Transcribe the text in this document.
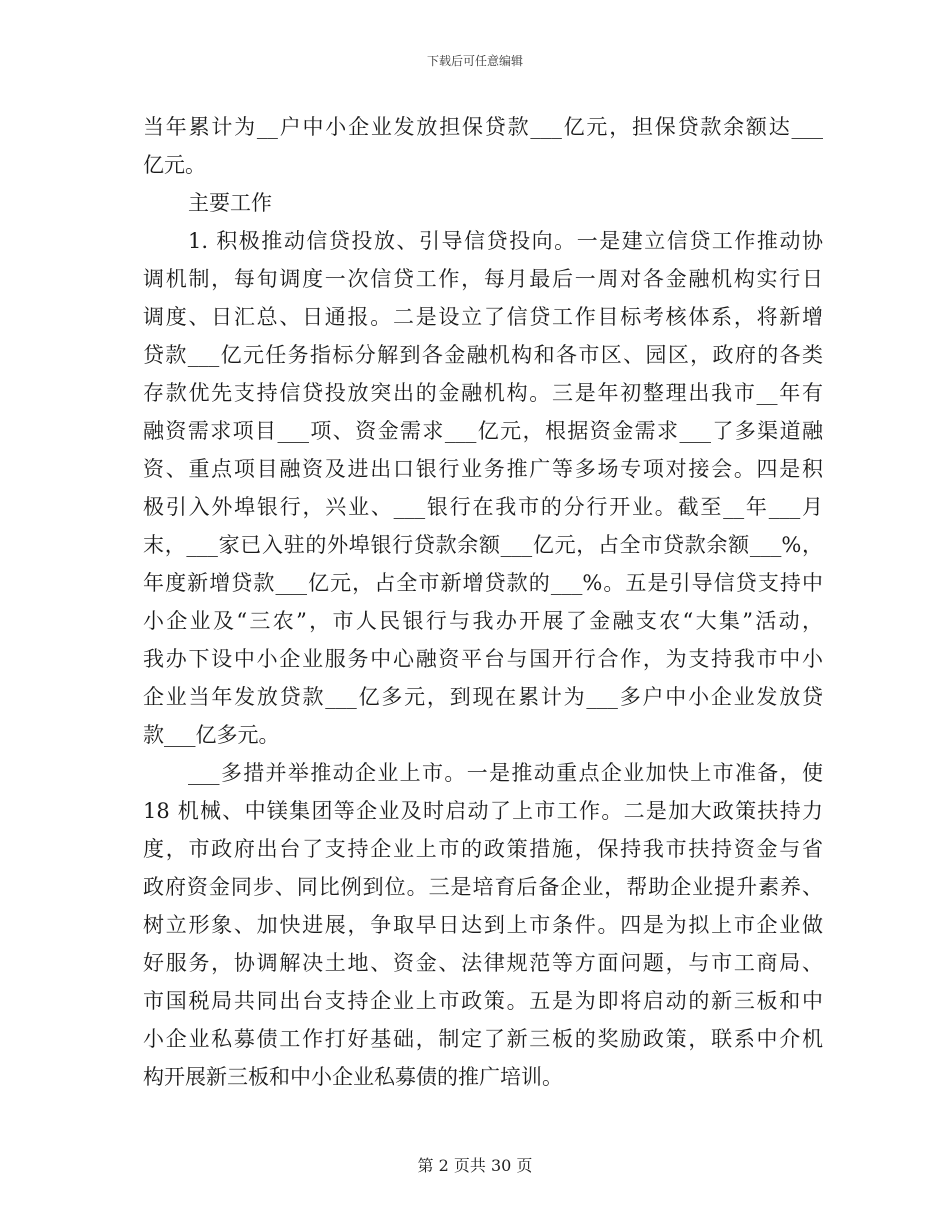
下载后可任意编辑
当年累计为__户中小企业发放担保贷款___亿元，担保贷款余额达___
亿元。
主要工作
1. 积极推动信贷投放、引导信贷投向。一是建立信贷工作推动协
调机制，每旬调度一次信贷工作，每月最后一周对各金融机构实行日
调度、日汇总、日通报。二是设立了信贷工作目标考核体系，将新增
贷款___亿元任务指标分解到各金融机构和各市区、园区，政府的各类
存款优先支持信贷投放突出的金融机构。三是年初整理出我市__年有
融资需求项目___项、资金需求___亿元，根据资金需求___了多渠道融
资、重点项目融资及进出口银行业务推广等多场专项对接会。四是积
极引入外埠银行，兴业、___银行在我市的分行开业。截至__年___月
末，___家已入驻的外埠银行贷款余额___亿元，占全市贷款余额___%，
年度新增贷款___亿元，占全市新增贷款的___%。五是引导信贷支持中
小企业及“三农”，市人民银行与我办开展了金融支农“大集”活动，
我办下设中小企业服务中心融资平台与国开行合作，为支持我市中小
企业当年发放贷款___亿多元，到现在累计为___多户中小企业发放贷
款___亿多元。
___多措并举推动企业上市。一是推动重点企业加快上市准备，使
18 机械、中镁集团等企业及时启动了上市工作。二是加大政策扶持力
度，市政府出台了支持企业上市的政策措施，保持我市扶持资金与省
政府资金同步、同比例到位。三是培育后备企业，帮助企业提升素养、
树立形象、加快进展，争取早日达到上市条件。四是为拟上市企业做
好服务，协调解决土地、资金、法律规范等方面问题，与市工商局、
市国税局共同出台支持企业上市政策。五是为即将启动的新三板和中
小企业私募债工作打好基础，制定了新三板的奖励政策，联系中介机
构开展新三板和中小企业私募债的推广培训。
第 2 页共 30 页
